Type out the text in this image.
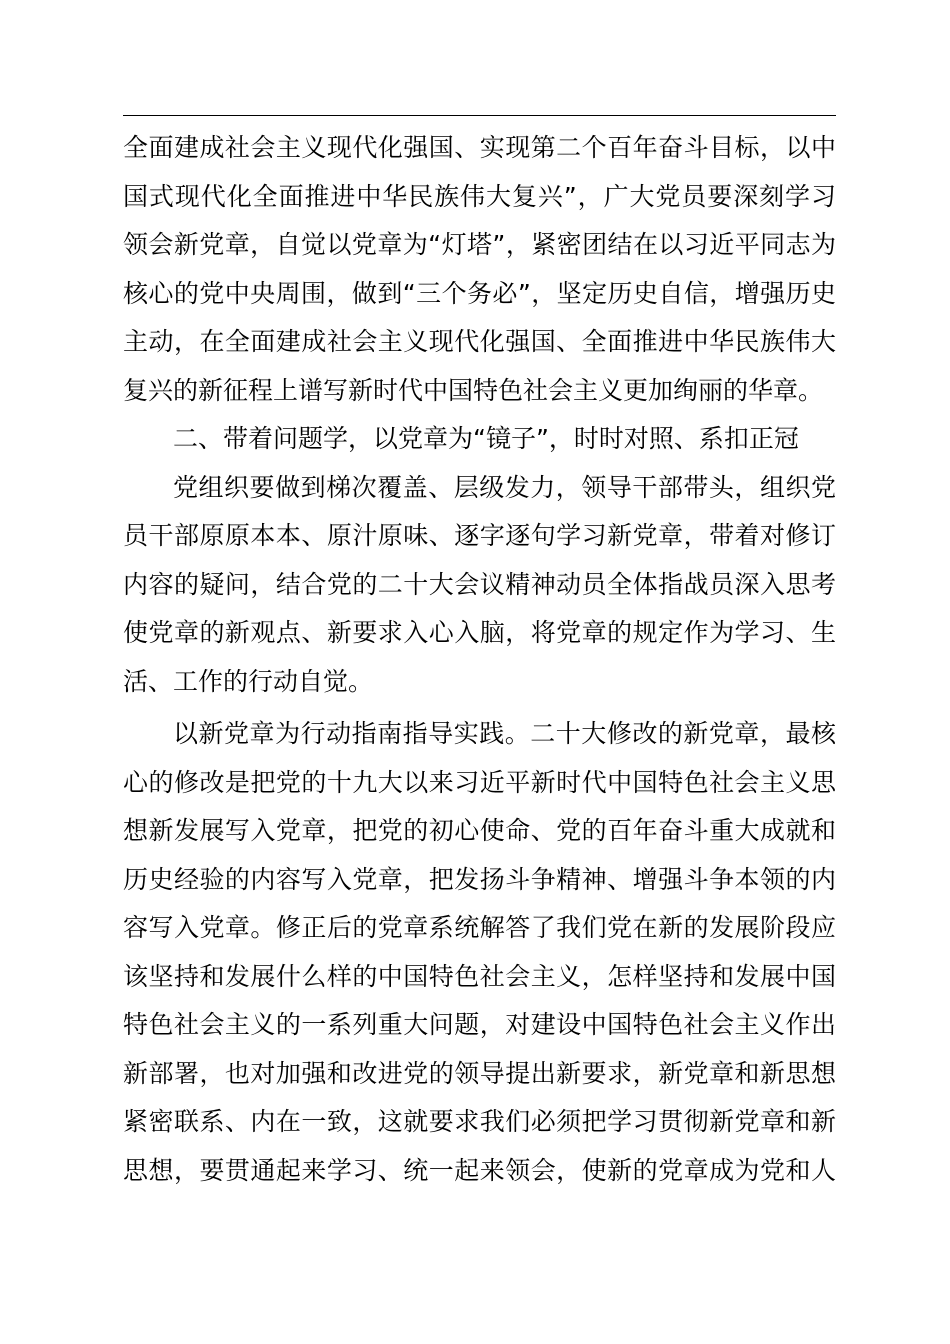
全面建成社会主义现代化强国、实现第二个百年奋斗目标，以中
国式现代化全面推进中华民族伟大复兴”，广大党员要深刻学习
领会新党章，自觉以党章为“灯塔”，紧密团结在以习近平同志为
核心的党中央周围，做到“三个务必”，坚定历史自信，增强历史
主动，在全面建成社会主义现代化强国、全面推进中华民族伟大
复兴的新征程上谱写新时代中国特色社会主义更加绚丽的华章。
二、带着问题学，以党章为“镜子”，时时对照、系扣正冠
党组织要做到梯次覆盖、层级发力，领导干部带头，组织党
员干部原原本本、原汁原味、逐字逐句学习新党章，带着对修订
内容的疑问，结合党的二十大会议精神动员全体指战员深入思考
使党章的新观点、新要求入心入脑，将党章的规定作为学习、生
活、工作的行动自觉。
以新党章为行动指南指导实践。二十大修改的新党章，最核
心的修改是把党的十九大以来习近平新时代中国特色社会主义思
想新发展写入党章，把党的初心使命、党的百年奋斗重大成就和
历史经验的内容写入党章，把发扬斗争精神、增强斗争本领的内
容写入党章。修正后的党章系统解答了我们党在新的发展阶段应
该坚持和发展什么样的中国特色社会主义，怎样坚持和发展中国
特色社会主义的一系列重大问题，对建设中国特色社会主义作出
新部署，也对加强和改进党的领导提出新要求，新党章和新思想
紧密联系、内在一致，这就要求我们必须把学习贯彻新党章和新
思想，要贯通起来学习、统一起来领会，使新的党章成为党和人
